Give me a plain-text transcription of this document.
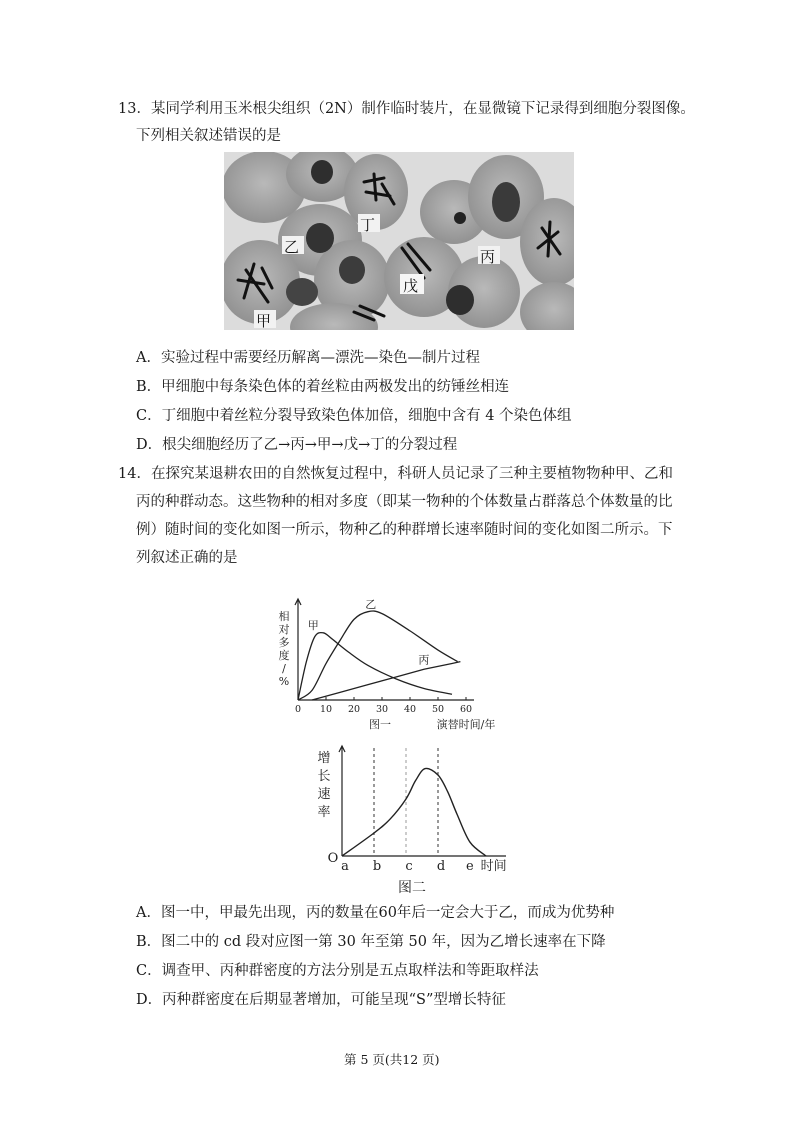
13．某同学利用玉米根尖组织（2N）制作临时装片，在显微镜下记录得到细胞分裂图像。
下列相关叙述错误的是
甲
乙
丙
丁
戊
A．实验过程中需要经历解离—漂洗—染色—制片过程
B．甲细胞中每条染色体的着丝粒由两极发出的纺锤丝相连
C．丁细胞中着丝粒分裂导致染色体加倍，细胞中含有 4 个染色体组
D．根尖细胞经历了乙→丙→甲→戊→丁的分裂过程
14．在探究某退耕农田的自然恢复过程中，科研人员记录了三种主要植物物种甲、乙和
丙的种群动态。这些物种的相对多度（即某一物种的个体数量占群落总个体数量的比
例）随时间的变化如图一所示，物种乙的种群增长速率随时间的变化如图二所示。下
列叙述正确的是
0 10 20 30 40 50 60
相
对
多
度
/
%
图一	演替时间/年
甲
乙
丙
增
长
速
率
O
a b c d e 时间
图二
A．图一中，甲最先出现，丙的数量在60年后一定会大于乙，而成为优势种
B．图二中的 cd 段对应图一第 30 年至第 50 年，因为乙增长速率在下降
C．调查甲、丙种群密度的方法分别是五点取样法和等距取样法
D．丙种群密度在后期显著增加，可能呈现“S”型增长特征
第 5 页(共12 页)
